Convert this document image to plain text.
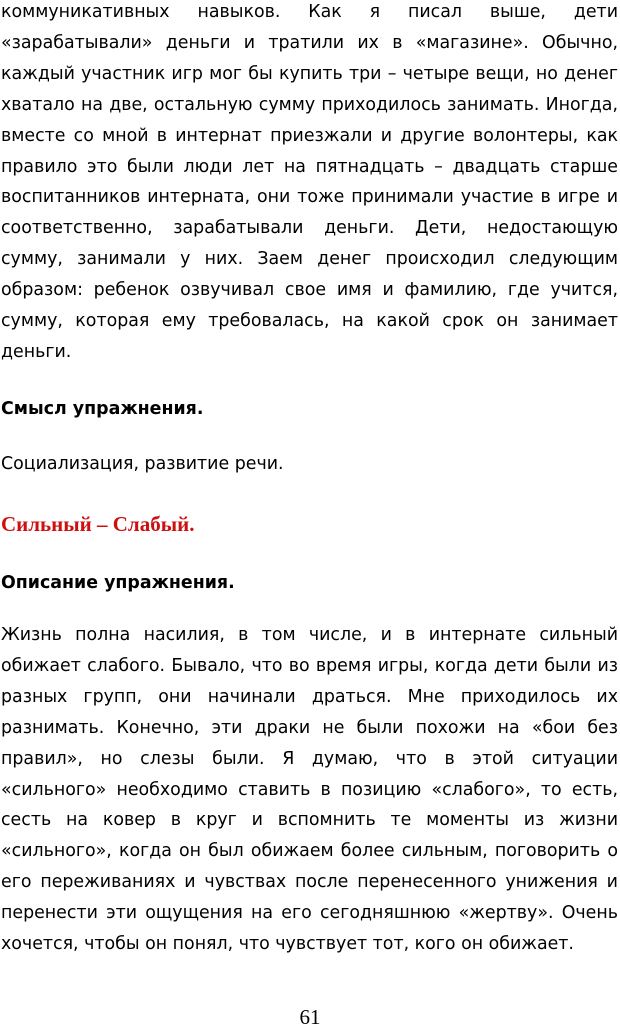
коммуникативных навыков. Как я писал выше, дети «зарабатывали» деньги и тратили их в «магазине». Обычно, каждый участник игр мог бы купить три – четыре вещи, но денег хватало на две, остальную сумму приходилось занимать. Иногда, вместе со мной в интернат приезжали и другие волонтеры, как правило это были люди лет на пятнадцать – двадцать старше воспитанников интерната, они тоже принимали участие в игре и соответственно, зарабатывали деньги. Дети, недостающую сумму, занимали у них. Заем денег происходил следующим образом: ребенок озвучивал свое имя и фамилию, где учится, сумму, которая ему требовалась, на какой срок он занимает деньги.

Смысл упражнения.

Социализация, развитие речи.

Сильный – Слабый.

Описание упражнения.

Жизнь полна насилия, в том числе, и в интернате сильный обижает слабого. Бывало, что во время игры, когда дети были из разных групп, они начинали драться. Мне приходилось их разнимать. Конечно, эти драки не были похожи на «бои без правил», но слезы были. Я думаю, что в этой ситуации «сильного» необходимо ставить в позицию «слабого», то есть, сесть на ковер в круг и вспомнить те моменты из жизни «сильного», когда он был обижаем более сильным, поговорить о его переживаниях и чувствах после перенесенного унижения и перенести эти ощущения на его сегодняшнюю «жертву». Очень хочется, чтобы он понял, что чувствует тот, кого он обижает.

61
